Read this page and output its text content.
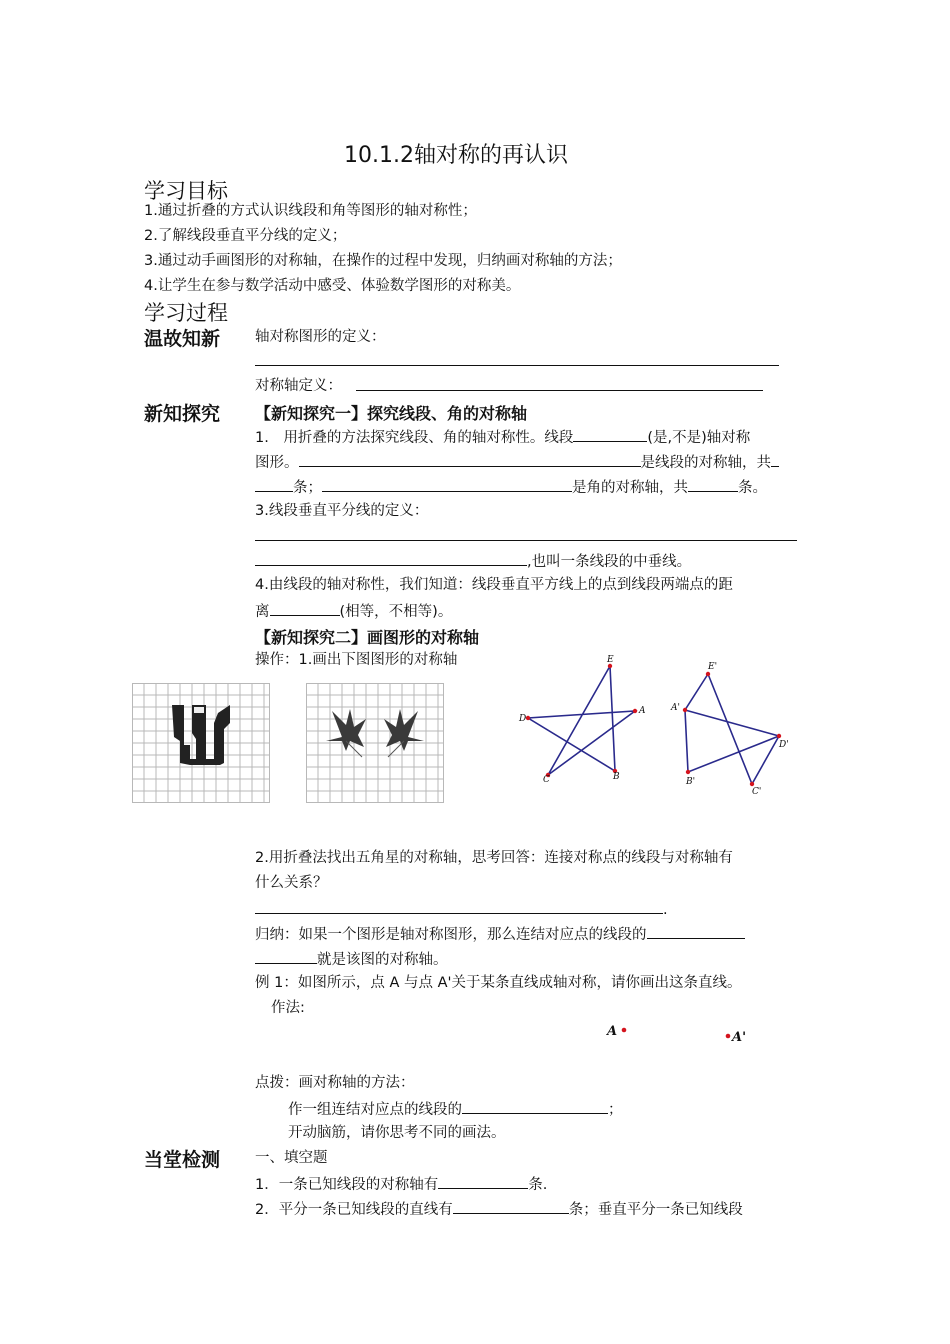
10.1.2轴对称的再认识
学习目标
1.通过折叠的方式认识线段和角等图形的轴对称性；
2.了解线段垂直平分线的定义；
3.通过动手画图形的对称轴，在操作的过程中发现，归纳画对称轴的方法；
4.让学生在参与数学活动中感受、体验数学图形的对称美。
学习过程
温故知新 轴对称图形的定义：
对称轴定义：
新知探究 【新知探究一】探究线段、角的对称轴
1.　用折叠的方法探究线段、角的轴对称性。线段	(是,不是)轴对称
图形。	是线段的对称轴，共
条；	是角的对称轴，共	条。
3.线段垂直平分线的定义：
,也叫一条线段的中垂线。
4.由线段的轴对称性，我们知道：线段垂直平方线上的点到线段两端点的距
离	(相等，不相等)。
【新知探究二】画图形的对称轴
操作：1.画出下图图形的对称轴	E
A
D
C	B
E'
A'
D'
B'
C'
2.用折叠法找出五角星的对称轴，思考回答：连接对称点的线段与对称轴有
什么关系？
.
归纳：如果一个图形是轴对称图形，那么连结对应点的线段的
就是该图的对称轴。
例 1：如图所示，点 A 与点 A'关于某条直线成轴对称，请你画出这条直线。
作法:
A	A'
点拨：画对称轴的方法：
作一组连结对应点的线段的	；
开动脑筋，请你思考不同的画法。
当堂检测 一、填空题
1．一条已知线段的对称轴有	条.
2．平分一条已知线段的直线有	条；垂直平分一条已知线段
